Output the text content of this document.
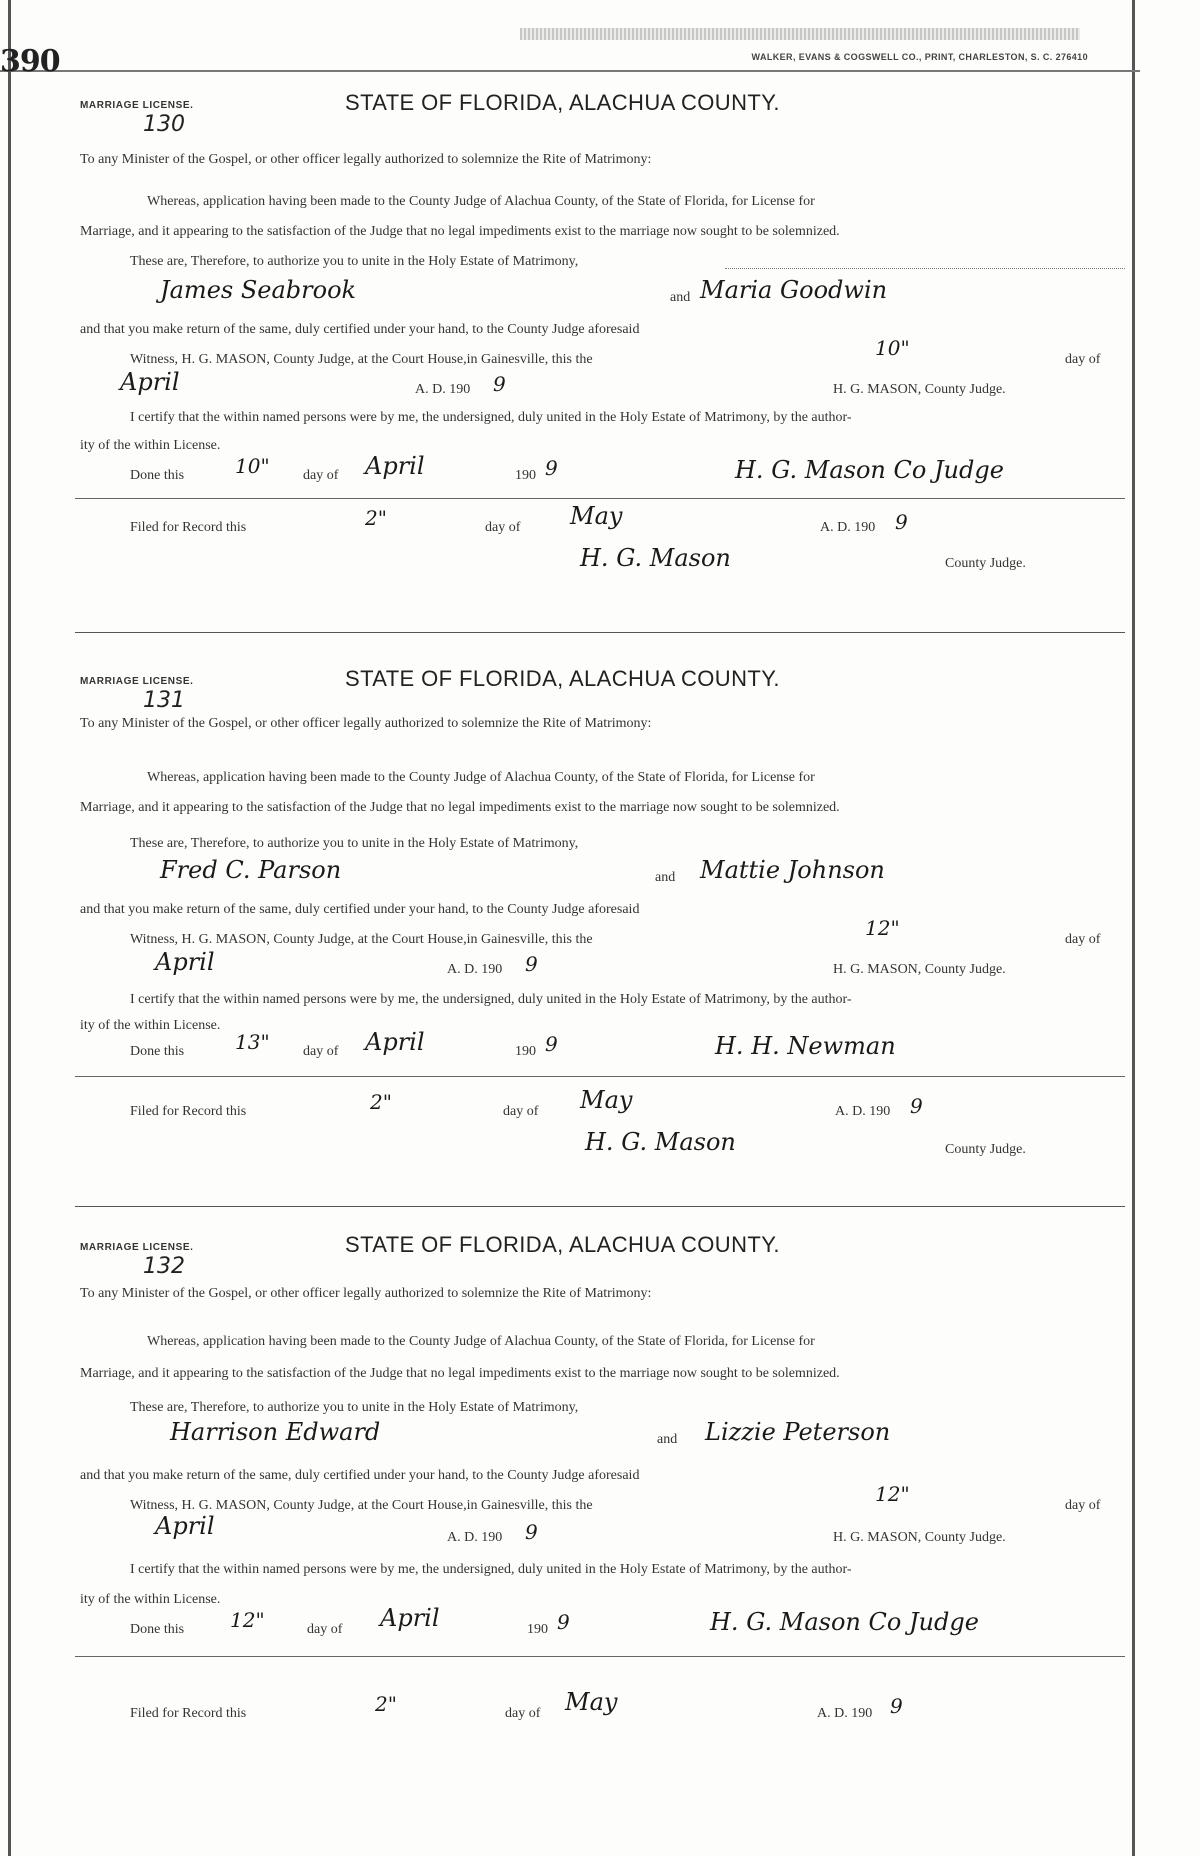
390	WALKER, EVANS & COGSWELL CO., PRINT, CHARLESTON, S. C. 276410
MARRIAGE LICENSE.
130
STATE OF FLORIDA, ALACHUA COUNTY.
To any Minister of the Gospel, or other officer legally authorized to solemnize the Rite of Matrimony:
Whereas, application having been made to the County Judge of Alachua County, of the State of Florida, for License for
Marriage, and it appearing to the satisfaction of the Judge that no legal impediments exist to the marriage now sought to be solemnized.
These are, Therefore, to authorize you to unite in the Holy Estate of Matrimony,
James Seabrook	and Maria Goodwin
and that you make return of the same, duly certified under your hand, to the County Judge aforesaid
Witness, H. G. MASON, County Judge, at the Court House,in Gainesville, this the	10"	day of
April	A. D. 190 9	H. G. MASON, County Judge.
I certify that the within named persons were by me, the undersigned, duly united in the Holy Estate of Matrimony, by the author-
ity of the within License.
Done this	10" day of April	190 9	H. G. Mason Co Judge
Filed for Record this	2"	day of May	A. D. 190 9
H. G. Mason	County Judge.
MARRIAGE LICENSE.
131
STATE OF FLORIDA, ALACHUA COUNTY.
To any Minister of the Gospel, or other officer legally authorized to solemnize the Rite of Matrimony:
Whereas, application having been made to the County Judge of Alachua County, of the State of Florida, for License for
Marriage, and it appearing to the satisfaction of the Judge that no legal impediments exist to the marriage now sought to be solemnized.
These are, Therefore, to authorize you to unite in the Holy Estate of Matrimony,
Fred C. Parson	and Mattie Johnson
and that you make return of the same, duly certified under your hand, to the County Judge aforesaid
Witness, H. G. MASON, County Judge, at the Court House,in Gainesville, this the	12"	day of
April	A. D. 190 9	H. G. MASON, County Judge.
I certify that the within named persons were by me, the undersigned, duly united in the Holy Estate of Matrimony, by the author-
ity of the within License.
Done this	13" day of April	190 9	H. H. Newman
Filed for Record this	2"	day of May	A. D. 190 9
H. G. Mason	County Judge.
MARRIAGE LICENSE.
132
STATE OF FLORIDA, ALACHUA COUNTY.
To any Minister of the Gospel, or other officer legally authorized to solemnize the Rite of Matrimony:
Whereas, application having been made to the County Judge of Alachua County, of the State of Florida, for License for
Marriage, and it appearing to the satisfaction of the Judge that no legal impediments exist to the marriage now sought to be solemnized.
These are, Therefore, to authorize you to unite in the Holy Estate of Matrimony,
Harrison Edward	and Lizzie Peterson
and that you make return of the same, duly certified under your hand, to the County Judge aforesaid
Witness, H. G. MASON, County Judge, at the Court House,in Gainesville, this the	12"	day of
April	A. D. 190 9	H. G. MASON, County Judge.
I certify that the within named persons were by me, the undersigned, duly united in the Holy Estate of Matrimony, by the author-
ity of the within License.
Done this 12"	day of April	190 9	H. G. Mason Co Judge
Filed for Record this	2"	day of May	A. D. 190 9
